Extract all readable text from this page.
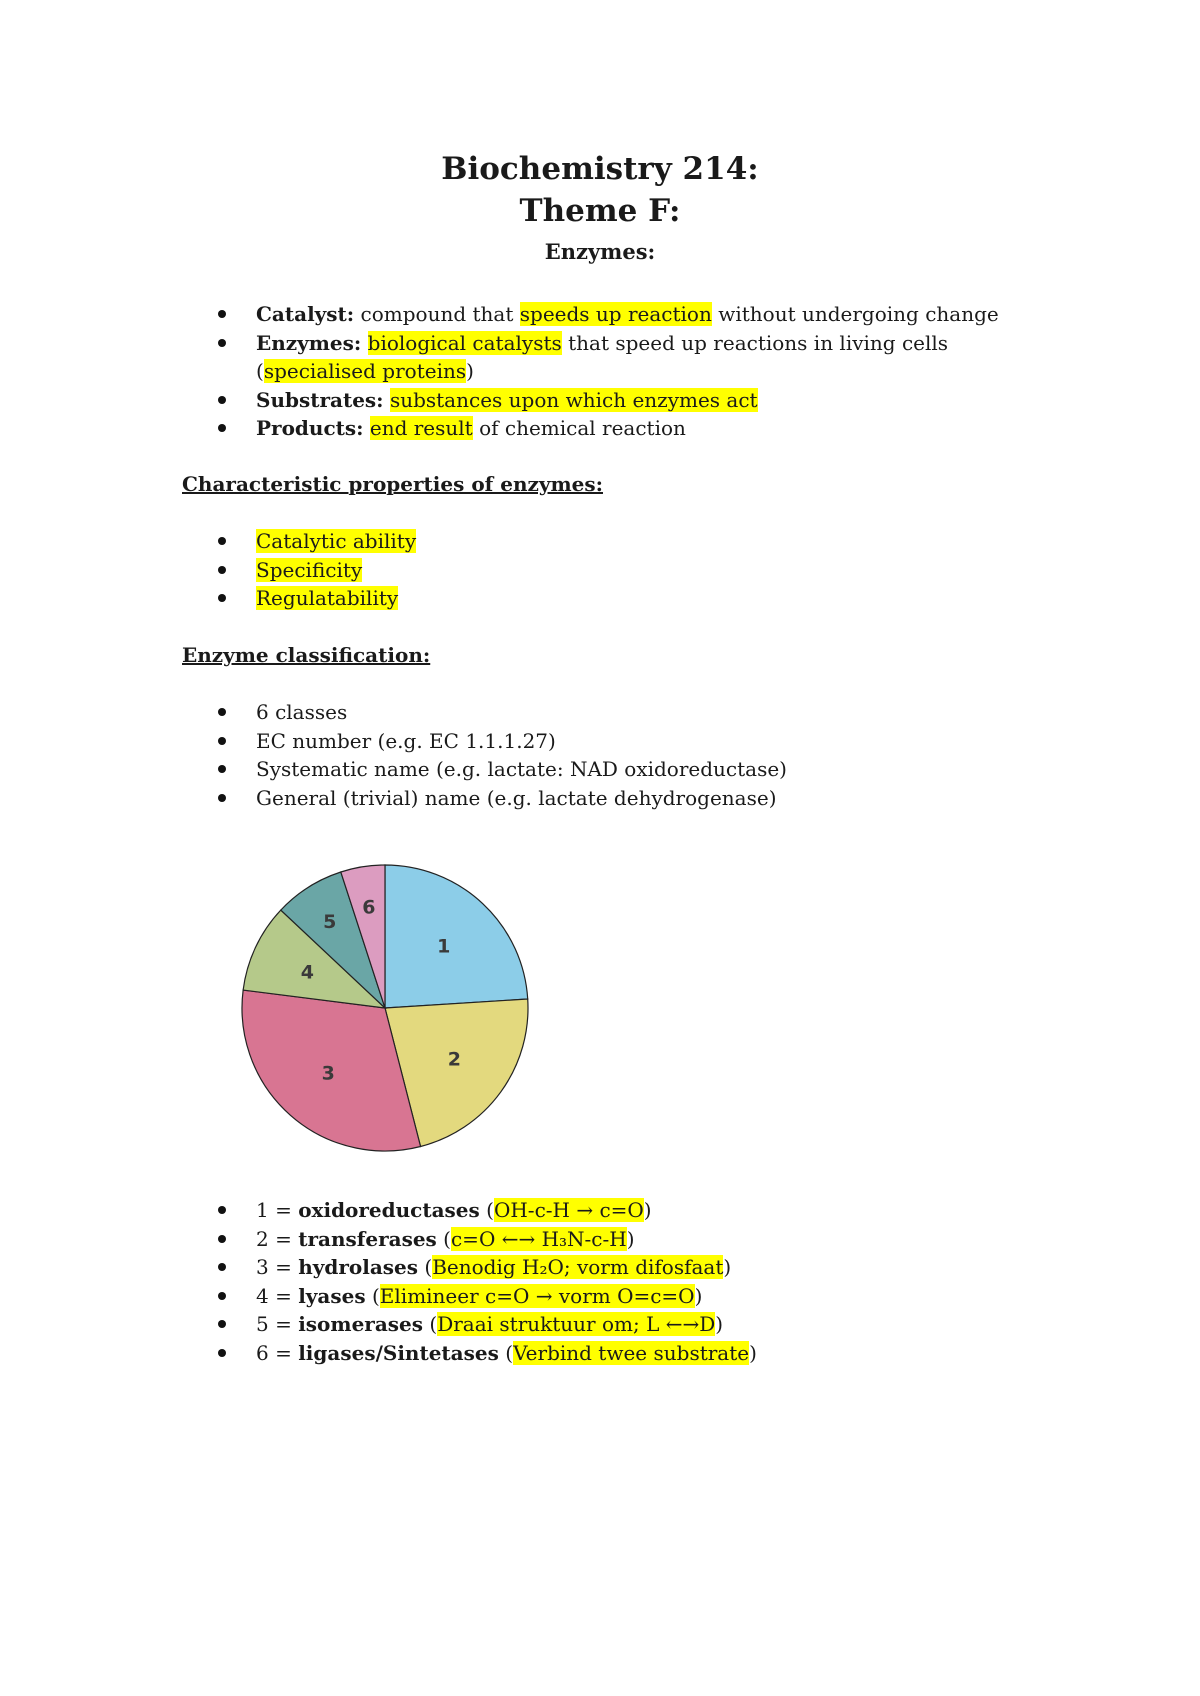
Biochemistry 214:
Theme F:
Enzymes:
Catalyst: compound that speeds up reaction without undergoing change
Enzymes: biological catalysts that speed up reactions in living cells
(specialised proteins)
Substrates: substances upon which enzymes act
Products: end result of chemical reaction
Characteristic properties of enzymes:
Catalytic ability
Specificity
Regulatability
Enzyme classification:
6 classes
EC number (e.g. EC 1.1.1.27)
Systematic name (e.g. lactate: NAD oxidoreductase)
General (trivial) name (e.g. lactate dehydrogenase)
1
2
3
4
5
6
1 = oxidoreductases (OH-c-H → c=O)
2 = transferases (c=O ←→ H₃N-c-H)
3 = hydrolases (Benodig H₂O; vorm difosfaat)
4 = lyases (Elimineer c=O → vorm O=c=O)
5 = isomerases (Draai struktuur om; L ←→D)
6 = ligases/Sintetases (Verbind twee substrate)
